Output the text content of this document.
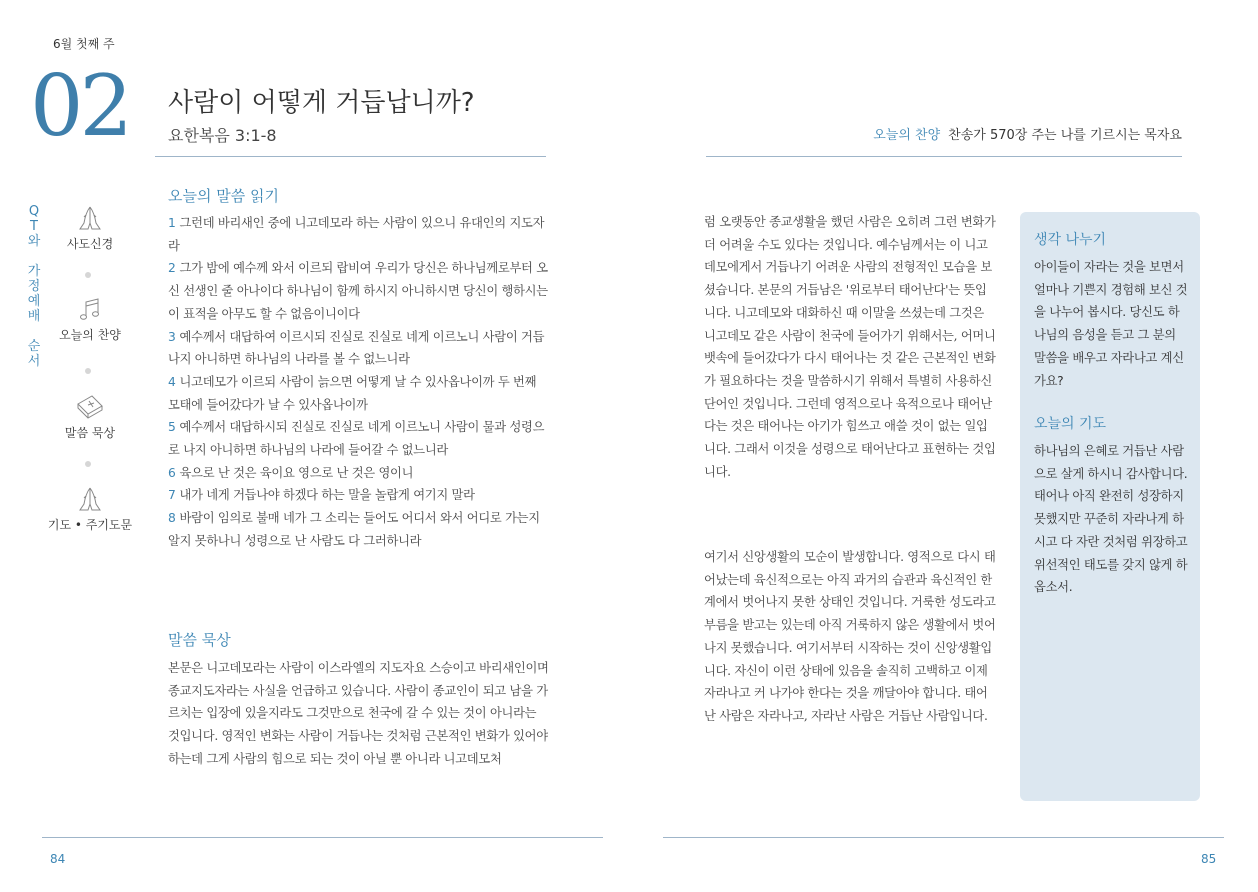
6월 첫째 주
02 사람이 어떻게 거듭납니까?
요한복음 3:1-8	오늘의 찬양 찬송가 570장 주는 나를 기르시는 목자요
Q
T
와
가
정
예
배
순
서
사도신경
오늘의 찬양
말씀 묵상
기도 • 주기도문
오늘의 말씀 읽기
1 그런데 바리새인 중에 니고데모라 하는 사람이 있으니 유대인의 지도자라
2 그가 밤에 예수께 와서 이르되 랍비여 우리가 당신은 하나님께로부터 오신 선생인 줄 아나이다 하나님이 함께 하시지 아니하시면 당신이 행하시는 이 표적을 아무도 할 수 없음이니이다
3 예수께서 대답하여 이르시되 진실로 진실로 네게 이르노니 사람이 거듭나지 아니하면 하나님의 나라를 볼 수 없느니라
4 니고데모가 이르되 사람이 늙으면 어떻게 날 수 있사옵나이까 두 번째 모태에 들어갔다가 날 수 있사옵나이까
5 예수께서 대답하시되 진실로 진실로 네게 이르노니 사람이 물과 성령으로 나지 아니하면 하나님의 나라에 들어갈 수 없느니라
6 육으로 난 것은 육이요 영으로 난 것은 영이니
7 내가 네게 거듭나야 하겠다 하는 말을 놀랍게 여기지 말라
8 바람이 임의로 불매 네가 그 소리는 들어도 어디서 와서 어디로 가는지 알지 못하나니 성령으로 난 사람도 다 그러하니라
말씀 묵상

본문은 니고데모라는 사람이 이스라엘의 지도자요 스승이고 바리새인이며 종교지도자라는 사실을 언급하고 있습니다. 사람이 종교인이 되고 남을 가르치는 입장에 있을지라도 그것만으로 천국에 갈 수 있는 것이 아니라는 것입니다. 영적인 변화는 사람이 거듭나는 것처럼 근본적인 변화가 있어야 하는데 그게 사람의 힘으로 되는 것이 아닐 뿐 아니라 니고데모처

럼 오랫동안 종교생활을 했던 사람은 오히려 그런 변화가 더 어려울 수도 있다는 것입니다. 예수님께서는 이 니고데모에게서 거듭나기 어려운 사람의 전형적인 모습을 보셨습니다. 본문의 거듭남은 '위로부터 태어난다'는 뜻입니다. 니고데모와 대화하신 때 이말을 쓰셨는데 그것은 니고데모 같은 사람이 천국에 들어가기 위해서는, 어머니 뱃속에 들어갔다가 다시 태어나는 것 같은 근본적인 변화가 필요하다는 것을 말씀하시기 위해서 특별히 사용하신 단어인 것입니다. 그런데 영적으로나 육적으로나 태어난다는 것은 태어나는 아기가 힘쓰고 애쓸 것이 없는 일입니다. 그래서 이것을 성령으로 태어난다고 표현하는 것입니다.

여기서 신앙생활의 모순이 발생합니다. 영적으로 다시 태어났는데 육신적으로는 아직 과거의 습관과 육신적인 한계에서 벗어나지 못한 상태인 것입니다. 거룩한 성도라고 부름을 받고는 있는데 아직 거룩하지 않은 생활에서 벗어나지 못했습니다. 여기서부터 시작하는 것이 신앙생활입니다. 자신이 이런 상태에 있음을 솔직히 고백하고 이제 자라나고 커 나가야 한다는 것을 깨달아야 합니다. 태어난 사람은 자라나고, 자라난 사람은 거듭난 사람입니다.

생각 나누기

아이들이 자라는 것을 보면서 얼마나 기쁜지 경험해 보신 것을 나누어 봅시다. 당신도 하나님의 음성을 듣고 그 분의 말씀을 배우고 자라나고 계신가요?

오늘의 기도

하나님의 은혜로 거듭난 사람으로 살게 하시니 감사합니다. 태어나 아직 완전히 성장하지 못했지만 꾸준히 자라나게 하시고 다 자란 것처럼 위장하고 위선적인 태도를 갖지 않게 하옵소서.

84	85
